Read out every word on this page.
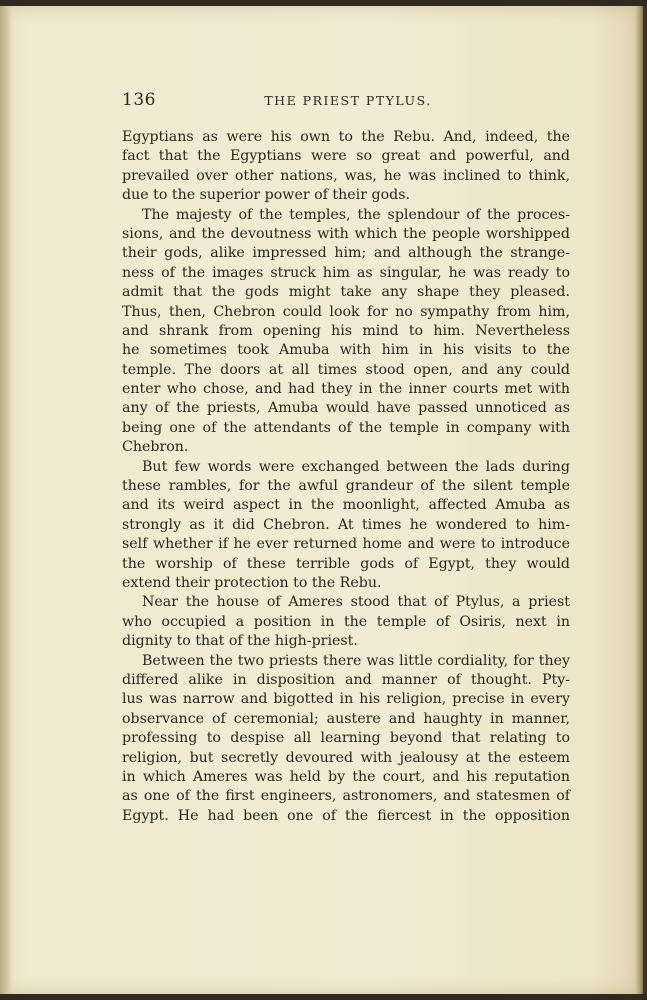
136	THE PRIEST PTYLUS.
Egyptians as were his own to the Rebu. And, indeed, the
fact that the Egyptians were so great and powerful, and
prevailed over other nations, was, he was inclined to think,
due to the superior power of their gods.
The majesty of the temples, the splendour of the proces-
sions, and the devoutness with which the people worshipped
their gods, alike impressed him; and although the strange-
ness of the images struck him as singular, he was ready to
admit that the gods might take any shape they pleased.
Thus, then, Chebron could look for no sympathy from him,
and shrank from opening his mind to him. Nevertheless
he sometimes took Amuba with him in his visits to the
temple. The doors at all times stood open, and any could
enter who chose, and had they in the inner courts met with
any of the priests, Amuba would have passed unnoticed as
being one of the attendants of the temple in company with
Chebron.
But few words were exchanged between the lads during
these rambles, for the awful grandeur of the silent temple
and its weird aspect in the moonlight, affected Amuba as
strongly as it did Chebron. At times he wondered to him-
self whether if he ever returned home and were to introduce
the worship of these terrible gods of Egypt, they would
extend their protection to the Rebu.
Near the house of Ameres stood that of Ptylus, a priest
who occupied a position in the temple of Osiris, next in
dignity to that of the high-priest.
Between the two priests there was little cordiality, for they
differed alike in disposition and manner of thought. Pty-
lus was narrow and bigotted in his religion, precise in every
observance of ceremonial; austere and haughty in manner,
professing to despise all learning beyond that relating to
religion, but secretly devoured with jealousy at the esteem
in which Ameres was held by the court, and his reputation
as one of the first engineers, astronomers, and statesmen of
Egypt. He had been one of the fiercest in the opposition
